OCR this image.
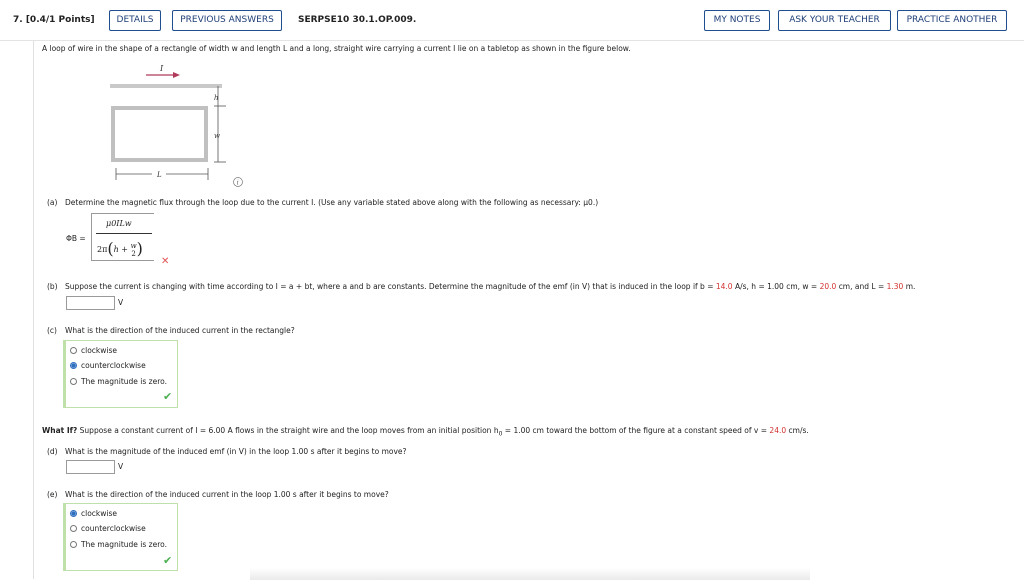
7. [0.4/1 Points]	DETAILS	PREVIOUS ANSWERS	SERPSE10 30.1.OP.009.	MY NOTES	ASK YOUR TEACHER	PRACTICE ANOTHER
A loop of wire in the shape of a rectangle of width w and length L and a long, straight wire carrying a current I lie on a tabletop as shown in the figure below.
I
h
w
L
i
(a) Determine the magnetic flux through the loop due to the current I. (Use any variable stated above along with the following as necessary: μ0.)
ΦB =
μ0ILw
2π(h + w
2 )
✕
(b) Suppose the current is changing with time according to I = a + bt, where a and b are constants. Determine the magnitude of the emf (in V) that is induced in the loop if b = 14.0 A/s, h = 1.00 cm, w = 20.0 cm, and L = 1.30 m.
V
(c) What is the direction of the induced current in the rectangle?
clockwise
counterclockwise
The magnitude is zero.
✔
What If? Suppose a constant current of I = 6.00 A flows in the straight wire and the loop moves from an initial position $h_0 = 1.00$ cm toward the bottom of the figure at a constant speed of v = 24.0 cm/s.
(d) What is the magnitude of the induced emf (in V) in the loop 1.00 s after it begins to move?
V
(e) What is the direction of the induced current in the loop 1.00 s after it begins to move?
clockwise
counterclockwise
The magnitude is zero.
✔
